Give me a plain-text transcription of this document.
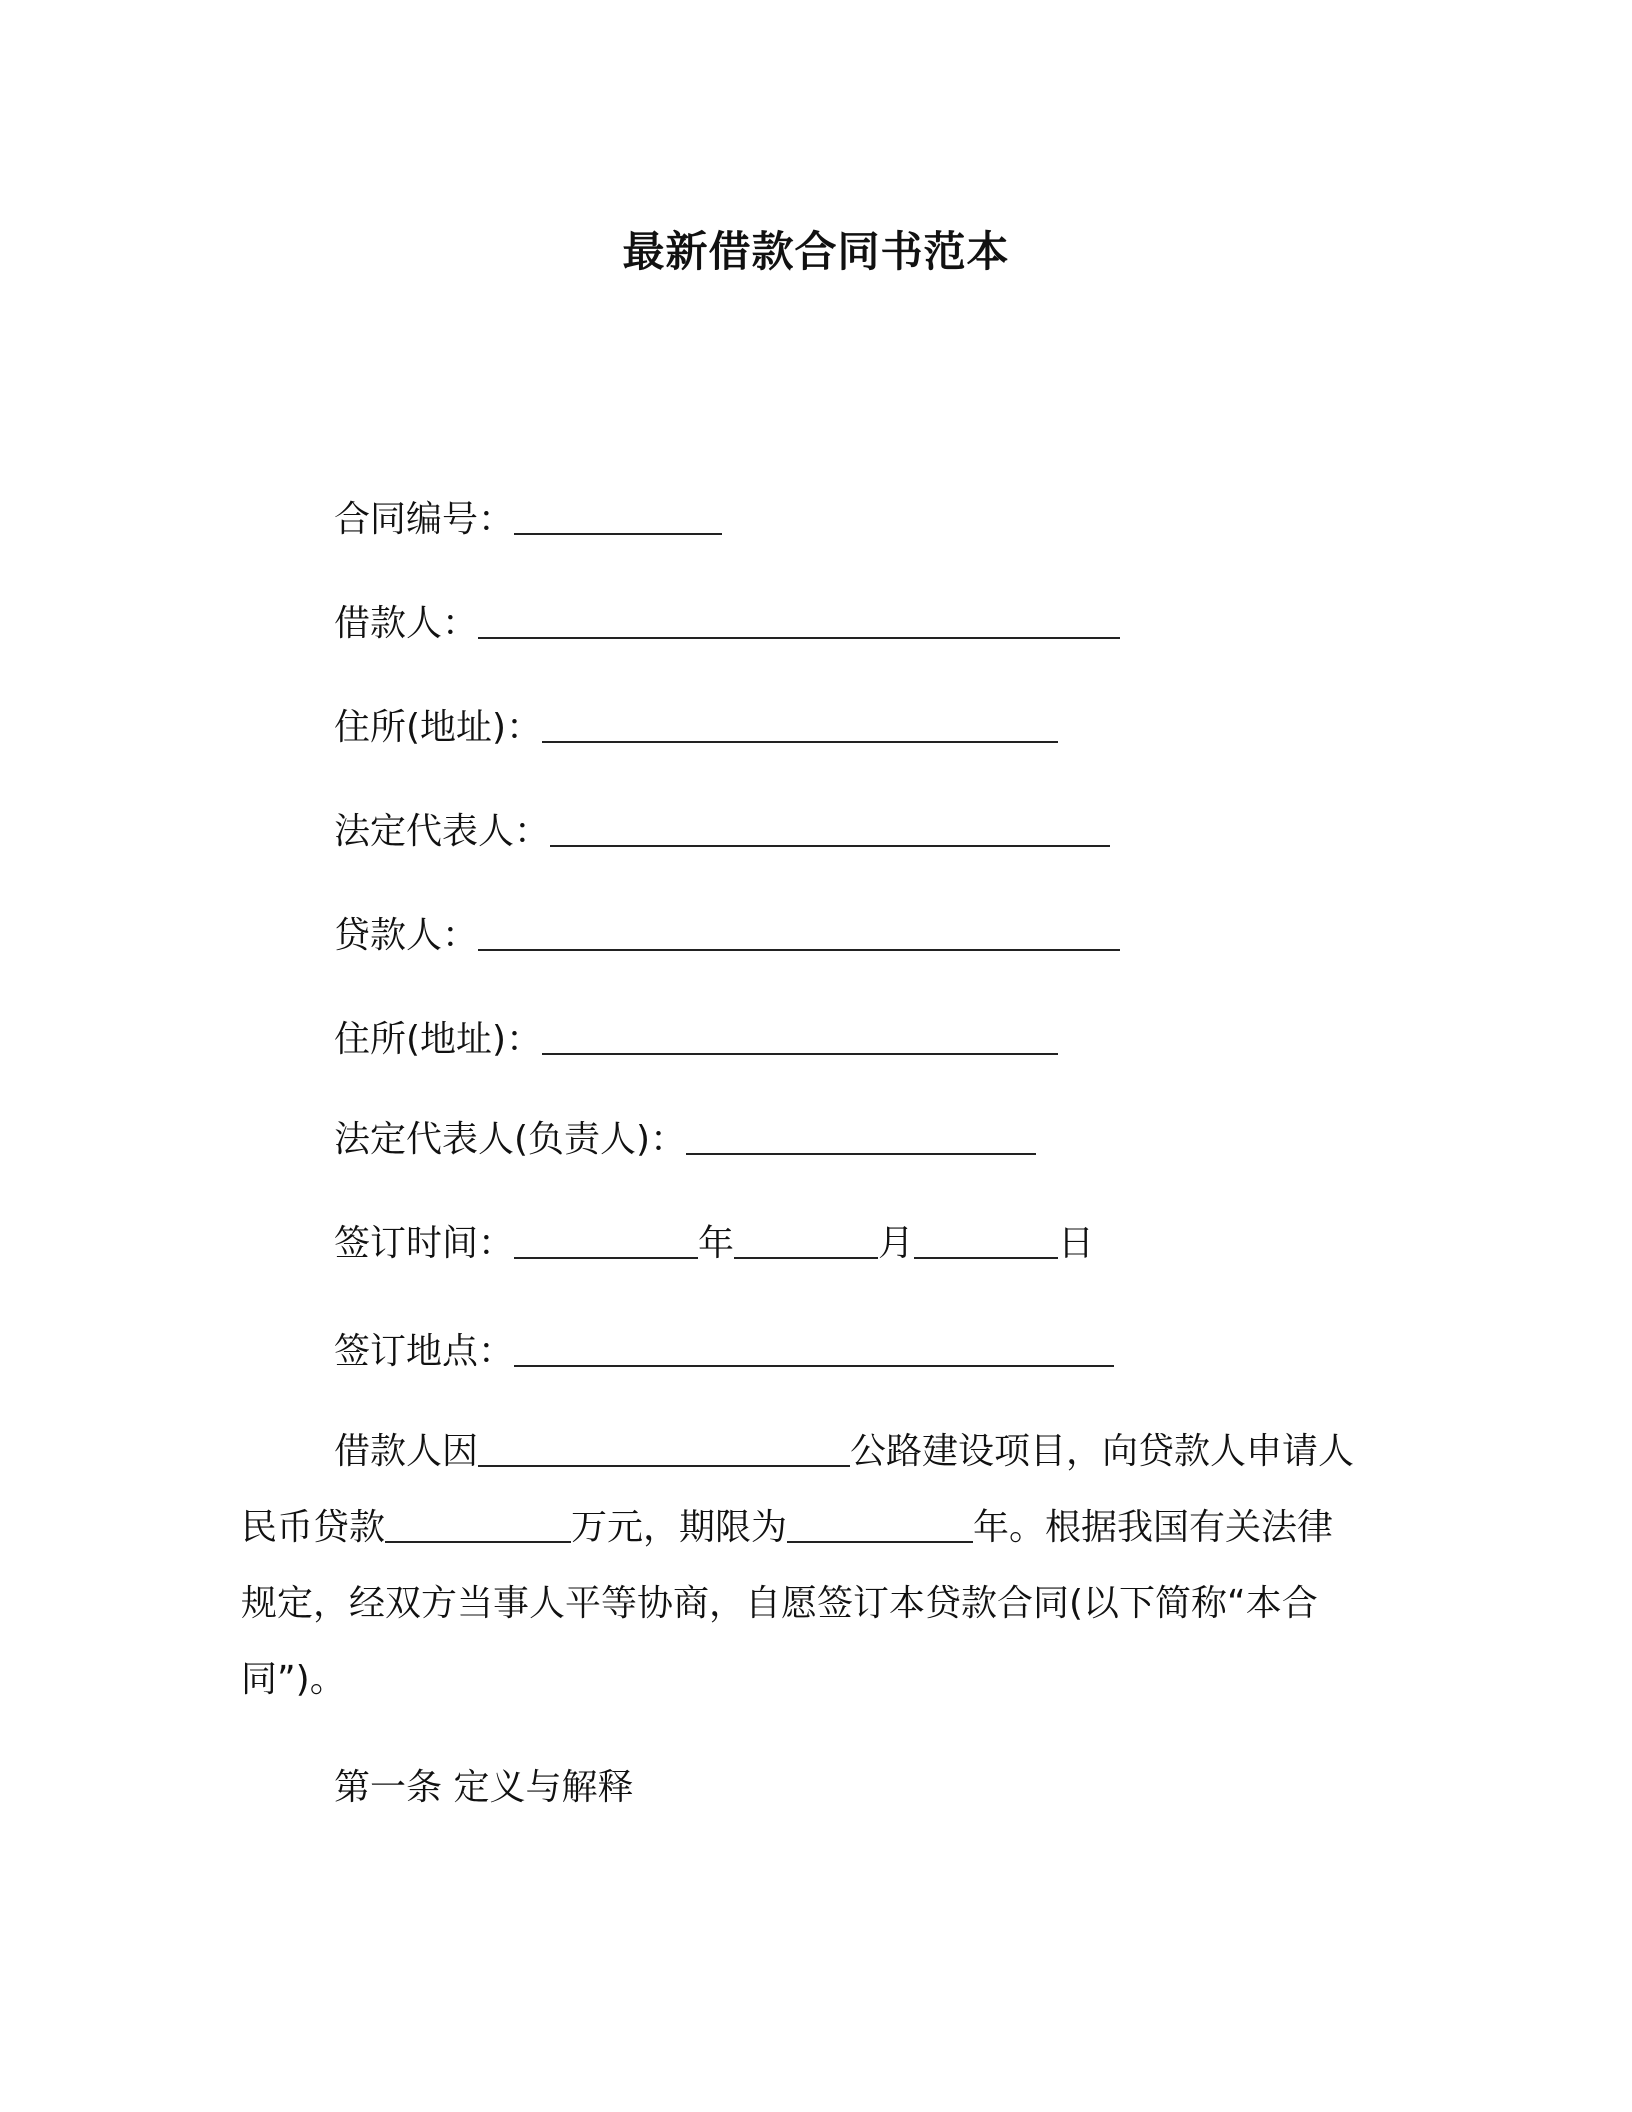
最新借款合同书范本
合同编号：
借款人：
住所(地址)：
法定代表人：
贷款人：
住所(地址)：
法定代表人(负责人)：
签订时间：	年	月	日
签订地点：
借款人因	公路建设项目，向贷款人申请人
民币贷款	万元，期限为	年。根据我国有关法律
规定，经双方当事人平等协商，自愿签订本贷款合同(以下简称“本合
同”)。
第一条 定义与解释
